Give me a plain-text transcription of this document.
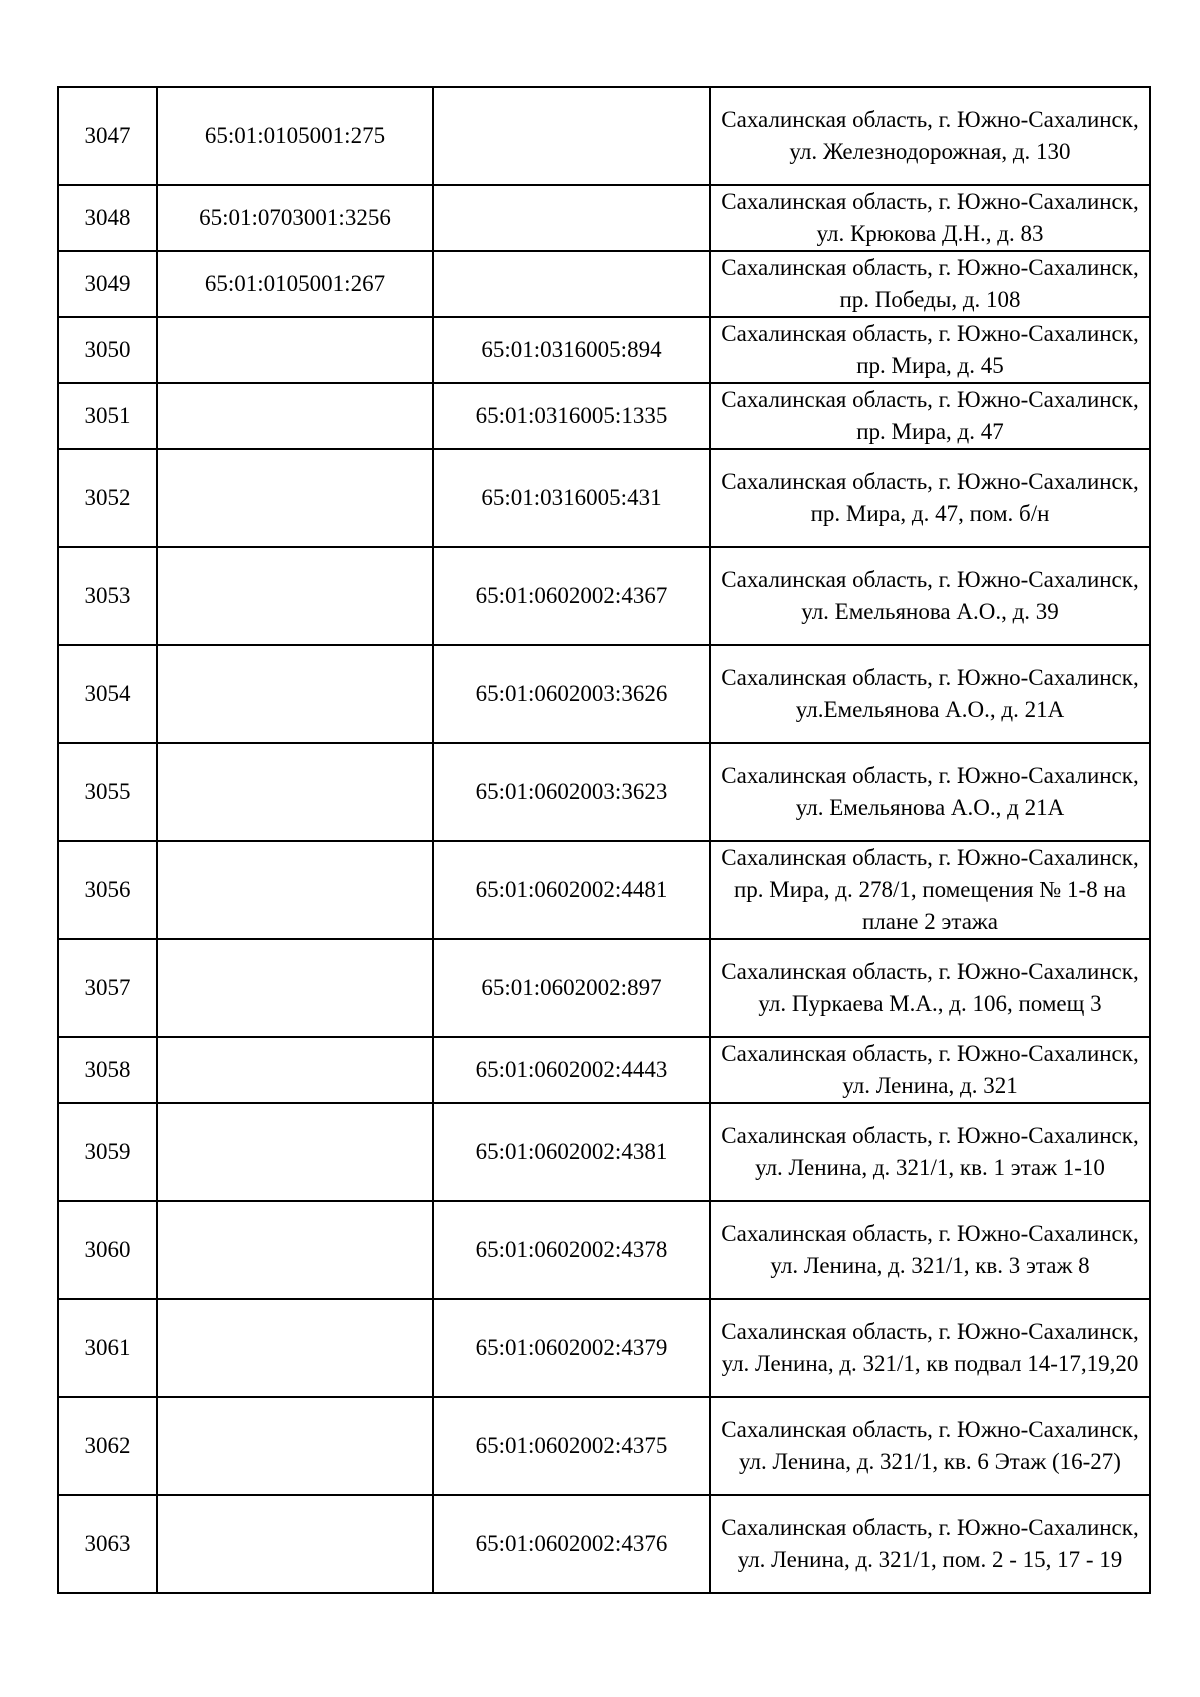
3047	65:01:0105001:275		Сахалинская область, г. Южно-Сахалинск, ул. Железнодорожная, д. 130
3048	65:01:0703001:3256		Сахалинская область, г. Южно-Сахалинск, ул. Крюкова Д.Н., д. 83
3049	65:01:0105001:267		Сахалинская область, г. Южно-Сахалинск, пр. Победы, д. 108
3050		65:01:0316005:894	Сахалинская область, г. Южно-Сахалинск, пр. Мира, д. 45
3051		65:01:0316005:1335	Сахалинская область, г. Южно-Сахалинск, пр. Мира, д. 47
3052		65:01:0316005:431	Сахалинская область, г. Южно-Сахалинск, пр. Мира, д. 47, пом. б/н
3053		65:01:0602002:4367	Сахалинская область, г. Южно-Сахалинск, ул. Емельянова А.О., д. 39
3054		65:01:0602003:3626	Сахалинская область, г. Южно-Сахалинск, ул.Емельянова А.О., д. 21А
3055		65:01:0602003:3623	Сахалинская область, г. Южно-Сахалинск, ул. Емельянова А.О., д 21А
3056		65:01:0602002:4481	Сахалинская область, г. Южно-Сахалинск, пр. Мира, д. 278/1, помещения № 1-8 на плане 2 этажа
3057		65:01:0602002:897	Сахалинская область, г. Южно-Сахалинск, ул. Пуркаева М.А., д. 106, помещ 3
3058		65:01:0602002:4443	Сахалинская область, г. Южно-Сахалинск, ул. Ленина, д. 321
3059		65:01:0602002:4381	Сахалинская область, г. Южно-Сахалинск, ул. Ленина, д. 321/1, кв. 1 этаж 1-10
3060		65:01:0602002:4378	Сахалинская область, г. Южно-Сахалинск, ул. Ленина, д. 321/1, кв. 3 этаж 8
3061		65:01:0602002:4379	Сахалинская область, г. Южно-Сахалинск, ул. Ленина, д. 321/1, кв подвал 14-17,19,20
3062		65:01:0602002:4375	Сахалинская область, г. Южно-Сахалинск, ул. Ленина, д. 321/1, кв. 6 Этаж (16-27)
3063		65:01:0602002:4376	Сахалинская область, г. Южно-Сахалинск, ул. Ленина, д. 321/1, пом. 2 - 15, 17 - 19
